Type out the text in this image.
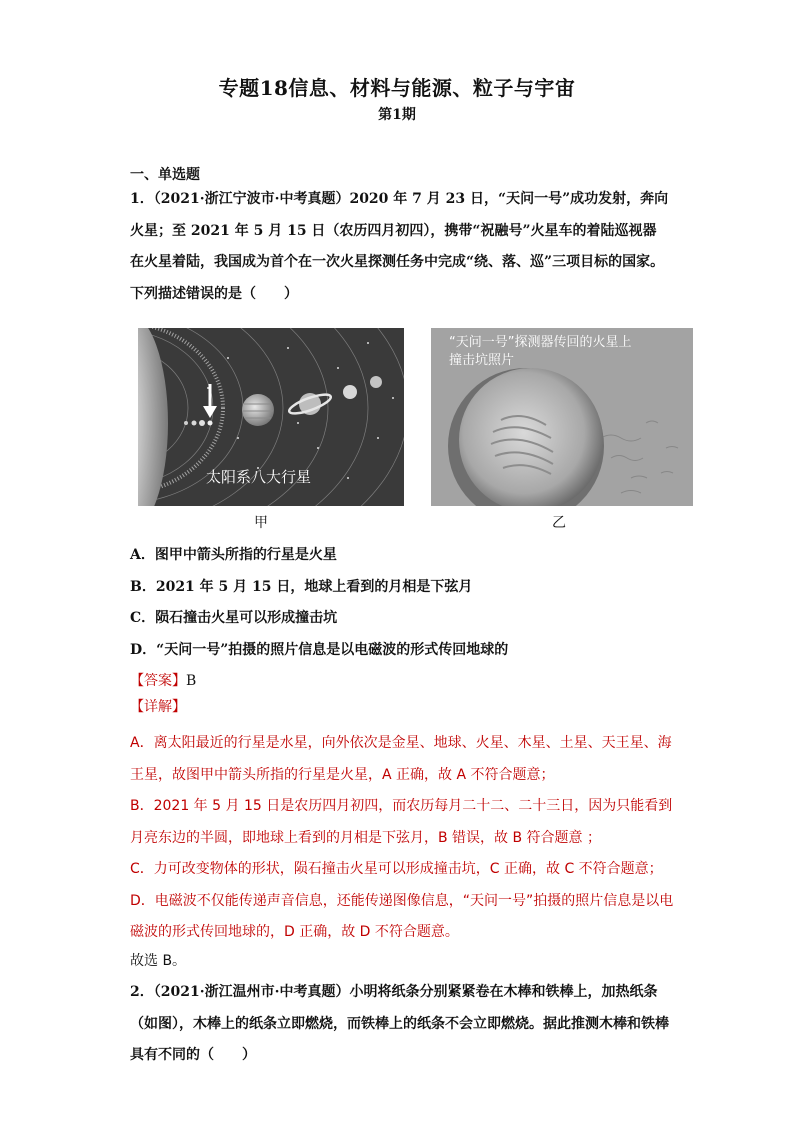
专题18信息、材料与能源、粒子与宇宙
第1期
一、单选题
1．（2021·浙江宁波市·中考真题）2020 年 7 月 23 日，“天问一号”成功发射，奔向火星；至 2021 年 5 月 15 日（农历四月初四），携带“祝融号”火星车的着陆巡视器在火星着陆，我国成为首个在一次火星探测任务中完成“绕、落、巡”三项目标的国家。下列描述错误的是（　　）
太阳系八大行星
“天问一号”探测器传回的火星上
撞击坑照片
甲	乙
A．图甲中箭头所指的行星是火星
B．2021 年 5 月 15 日，地球上看到的月相是下弦月
C．陨石撞击火星可以形成撞击坑
D．“天问一号”拍摄的照片信息是以电磁波的形式传回地球的
【答案】B
【详解】

A．离太阳最近的行星是水星，向外依次是金星、地球、火星、木星、土星、天王星、海王星，故图甲中箭头所指的行星是火星，A 正确，故 A 不符合题意；

B．2021 年 5 月 15 日是农历四月初四，而农历每月二十二、二十三日，因为只能看到月亮东边的半圆，即地球上看到的月相是下弦月，B 错误，故 B 符合题意 ；

C．力可改变物体的形状，陨石撞击火星可以形成撞击坑，C 正确，故 C 不符合题意；

D．电磁波不仅能传递声音信息，还能传递图像信息，“天问一号”拍摄的照片信息是以电磁波的形式传回地球的，D 正确，故 D 不符合题意。

故选 B。
2．（2021·浙江温州市·中考真题）小明将纸条分别紧紧卷在木棒和铁棒上，加热纸条（如图），木棒上的纸条立即燃烧，而铁棒上的纸条不会立即燃烧。据此推测木棒和铁棒具有不同的（　　）
